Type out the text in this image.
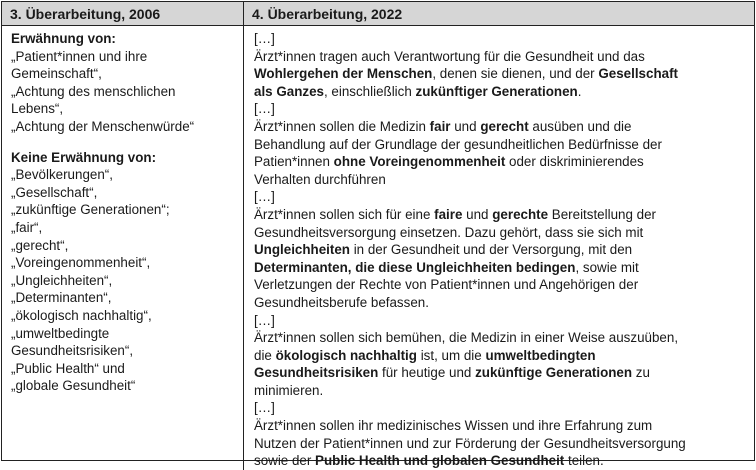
3. Überarbeitung, 2006	4. Überarbeitung, 2022
Erwähnung von:
„Patient*innen und ihre
Gemeinschaft“,
„Achtung des menschlichen
Lebens“,
„Achtung der Menschenwürde“
Keine Erwähnung von:
„Bevölkerungen“,
„Gesellschaft“,
„zukünftige Generationen“;
„fair“,
„gerecht“,
„Voreingenommenheit“,
„Ungleichheiten“,
„Determinanten“,
„ökologisch nachhaltig“,
„umweltbedingte
Gesundheitsrisiken“,
„Public Health“ und
„globale Gesundheit“
[…]
Ärzt*innen tragen auch Verantwortung für die Gesundheit und das
Wohlergehen der Menschen, denen sie dienen, und der Gesellschaft
als Ganzes, einschließlich zukünftiger Generationen.
[…]
Ärzt*innen sollen die Medizin fair und gerecht ausüben und die
Behandlung auf der Grundlage der gesundheitlichen Bedürfnisse der
Patien*innen ohne Voreingenommenheit oder diskriminierendes
Verhalten durchführen
[…]
Ärzt*innen sollen sich für eine faire und gerechte Bereitstellung der
Gesundheitsversorgung einsetzen. Dazu gehört, dass sie sich mit
Ungleichheiten in der Gesundheit und der Versorgung, mit den
Determinanten, die diese Ungleichheiten bedingen, sowie mit
Verletzungen der Rechte von Patient*innen und Angehörigen der
Gesundheitsberufe befassen.
[…]
Ärzt*innen sollen sich bemühen, die Medizin in einer Weise auszuüben,
die ökologisch nachhaltig ist, um die umweltbedingten
Gesundheitsrisiken für heutige und zukünftige Generationen zu
minimieren.
[…]
Ärzt*innen sollen ihr medizinisches Wissen und ihre Erfahrung zum
Nutzen der Patient*innen und zur Förderung der Gesundheitsversorgung
sowie der Public Health und globalen Gesundheit teilen.
